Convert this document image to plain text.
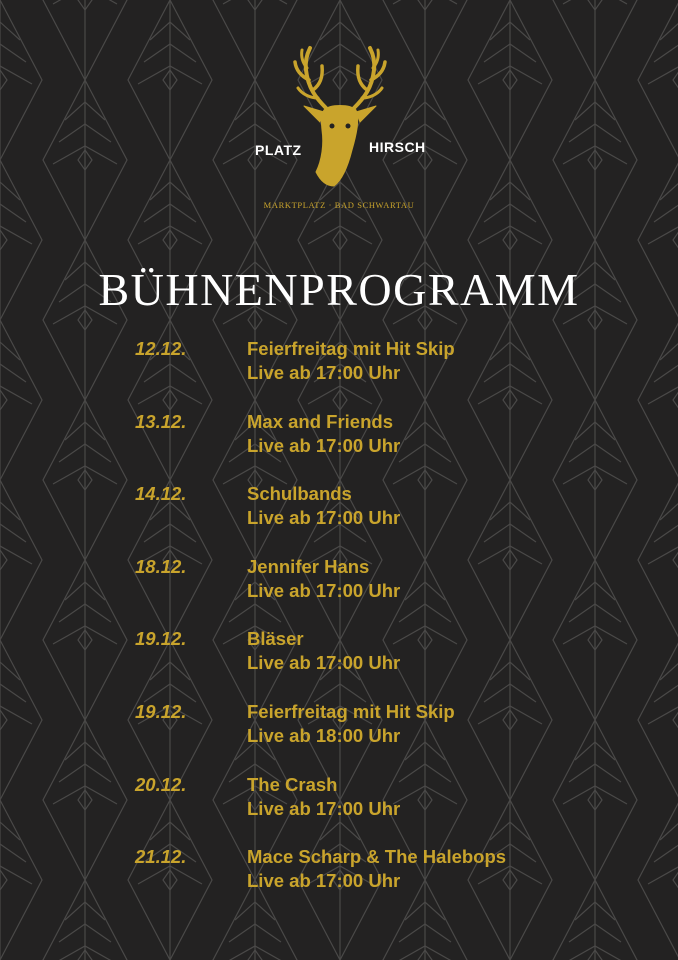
PLATZ	HIRSCH
MARKTPLATZ · BAD SCHWARTAU
BÜHNENPROGRAMM
12.12.	Feierfreitag mit Hit Skip
Live ab 17:00 Uhr
13.12.	Max and Friends
Live ab 17:00 Uhr
14.12.	Schulbands
Live ab 17:00 Uhr
18.12.	Jennifer Hans
Live ab 17:00 Uhr
19.12.	Bläser
Live ab 17:00 Uhr
19.12.	Feierfreitag mit Hit Skip
Live ab 18:00 Uhr
20.12.	The Crash
Live ab 17:00 Uhr
21.12.	Mace Scharp & The Halebops
Live ab 17:00 Uhr
